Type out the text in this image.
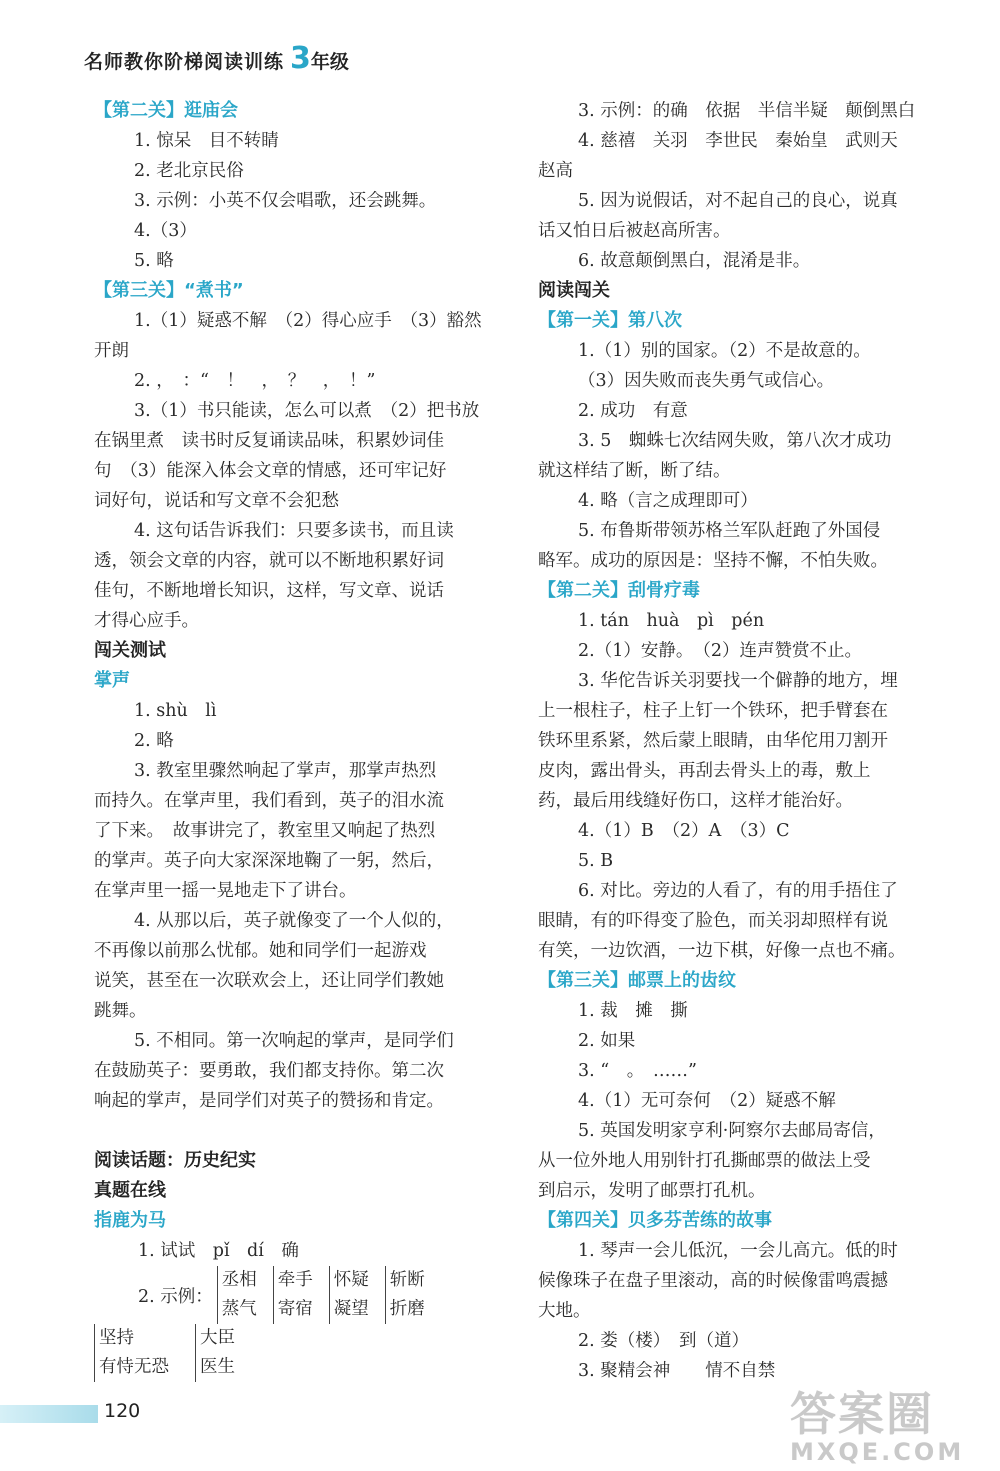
名师教你阶梯阅读训练 3 年级
【第二关】逛庙会
1. 惊呆　目不转睛
2. 老北京民俗
3. 示例：小英不仅会唱歌，还会跳舞。
4.（3）
5. 略
【第三关】“煮书”
1.（1）疑惑不解　（2）得心应手　（3）豁然
开朗
2. ，　：“　！　，　？　，　！”
3.（1）书只能读，怎么可以煮　（2）把书放
在锅里煮　读书时反复诵读品味，积累妙词佳
句　（3）能深入体会文章的情感，还可牢记好
词好句，说话和写文章不会犯愁
4. 这句话告诉我们：只要多读书，而且读
透，领会文章的内容，就可以不断地积累好词
佳句，不断地增长知识，这样，写文章、说话
才得心应手。
闯关测试
掌声
1. shù　lì
2. 略
3. 教室里骤然响起了掌声，那掌声热烈
而持久。在掌声里，我们看到，英子的泪水流
了下来。　故事讲完了，教室里又响起了热烈
的掌声。英子向大家深深地鞠了一躬，然后，
在掌声里一摇一晃地走下了讲台。
4. 从那以后，英子就像变了一个人似的，
不再像以前那么忧郁。她和同学们一起游戏
说笑，甚至在一次联欢会上，还让同学们教她
跳舞。
5. 不相同。第一次响起的掌声，是同学们
在鼓励英子：要勇敢，我们都支持你。第二次
响起的掌声，是同学们对英子的赞扬和肯定。
阅读话题：历史纪实
真题在线
指鹿为马
1. 试试　pǐ　dí　确
2. 示例：
丞相
蒸气
牵手
寄宿
怀疑
凝望
斩断
折磨
坚持
有恃无恐
大臣
医生
3. 示例：的确　依据　半信半疑　颠倒黑白
4. 慈禧　关羽　李世民　秦始皇　武则天
赵高
5. 因为说假话，对不起自己的良心，说真
话又怕日后被赵高所害。
6. 故意颠倒黑白，混淆是非。
阅读闯关
【第一关】第八次
1.（1）别的国家。（2）不是故意的。
（3）因失败而丧失勇气或信心。
2. 成功　有意
3. 5　蜘蛛七次结网失败，第八次才成功
就这样结了断，断了结。
4. 略（言之成理即可）
5. 布鲁斯带领苏格兰军队赶跑了外国侵
略军。成功的原因是：坚持不懈，不怕失败。
【第二关】刮骨疗毒
1. tán　huà　pì　pén
2.（1）安静。　（2）连声赞赏不止。
3. 华佗告诉关羽要找一个僻静的地方，埋
上一根柱子，柱子上钉一个铁环，把手臂套在
铁环里系紧，然后蒙上眼睛，由华佗用刀割开
皮肉，露出骨头，再刮去骨头上的毒，敷上
药，最后用线缝好伤口，这样才能治好。
4.（1）B　（2）A　（3）C
5. B
6. 对比。旁边的人看了，有的用手捂住了
眼睛，有的吓得变了脸色，而关羽却照样有说
有笑，一边饮酒，一边下棋，好像一点也不痛。
【第三关】邮票上的齿纹
1. 裁　摊　撕
2. 如果
3. “　。　……”
4.（1）无可奈何　（2）疑惑不解
5. 英国发明家亨利·阿察尔去邮局寄信，
从一位外地人用别针打孔撕邮票的做法上受
到启示，发明了邮票打孔机。
【第四关】贝多芬苦练的故事
1. 琴声一会儿低沉，一会儿高亢。低的时
候像珠子在盘子里滚动，高的时候像雷鸣震撼
大地。
2. 娄（楼）　到（道）
3. 聚精会神　　情不自禁
120	答案圈
MXQE.COM
